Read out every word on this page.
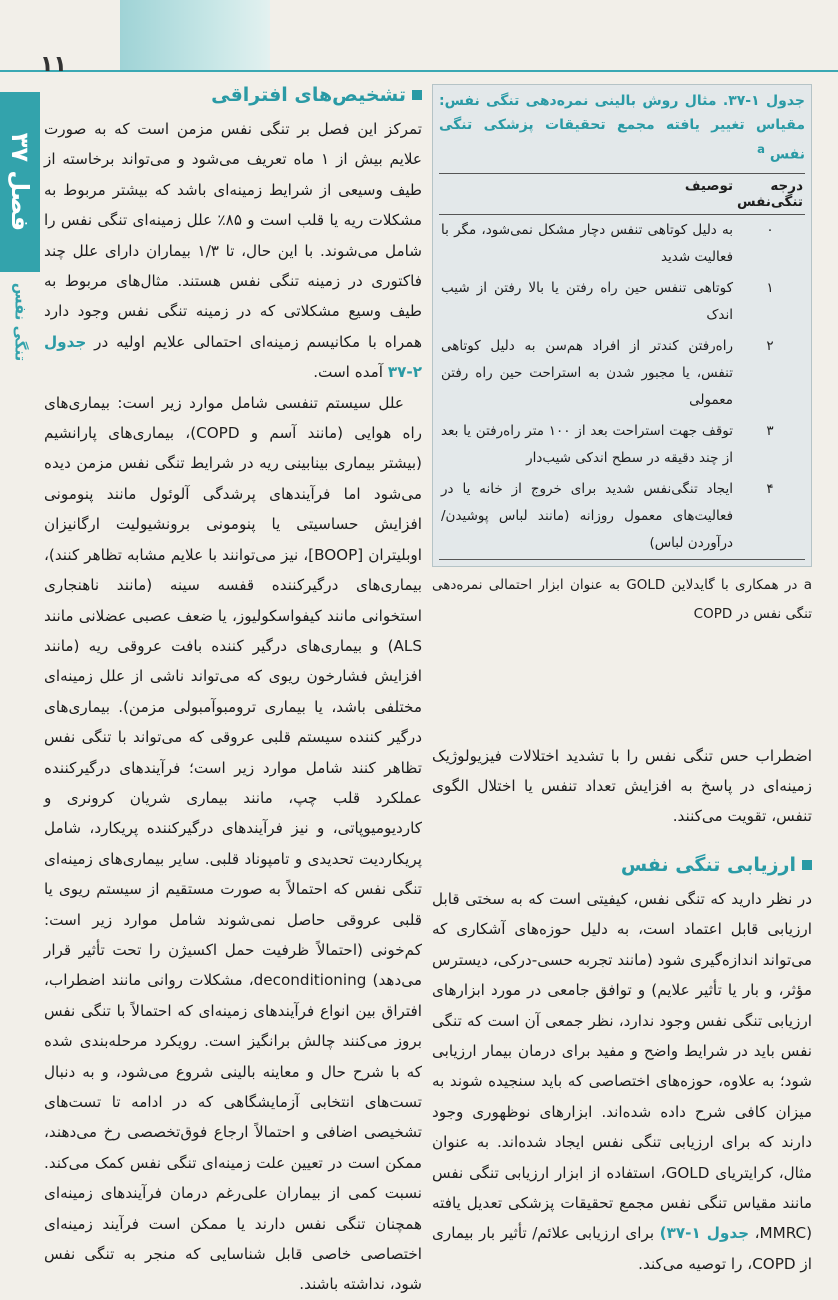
۱۱
فصل ۳۷
تنگی نفس
تشخیص‌های افتراقی

تمرکز این فصل بر تنگی نفس مزمن است که به صورت علایم بیش از ۱ ماه تعریف می‌شود و می‌تواند برخاسته از طیف وسیعی از شرایط زمینه‌ای باشد که بیشتر مربوط به مشکلات ریه یا قلب است و ۸۵٪ علل زمینه‌ای تنگی نفس را شامل می‌شوند. با این حال، تا ۱/۳ بیماران دارای علل چند فاکتوری در زمینه تنگی نفس هستند. مثال‌های مربوط به طیف وسیع مشکلاتی که در زمینه تنگی نفس وجود دارد همراه با مکانیسم زمینه‌ای احتمالی علایم اولیه در جدول ۲-۳۷ آمده است.

علل سیستم تنفسی شامل موارد زیر است: بیماری‌های راه هوایی (مانند آسم و COPD)، بیماری‌های پارانشیم (بیشتر بیماری بینابینی ریه در شرایط تنگی نفس مزمن دیده می‌شود اما فرآیندهای پرشدگی آلوئول مانند پنومونی افزایش حساسیتی یا پنومونی برونشیولیت ارگانیزان اوبلیتران [BOOP]، نیز می‌توانند با علایم مشابه تظاهر کنند)، بیماری‌های درگیرکننده قفسه سینه (مانند ناهنجاری استخوانی مانند کیفواسکولیوز، یا ضعف عصبی عضلانی مانند ALS) و بیماری‌های درگیر کننده بافت عروقی ریه (مانند افزایش فشارخون ریوی که می‌تواند ناشی از علل زمینه‌ای مختلفی باشد، یا بیماری ترومبوآمبولی مزمن). بیماری‌های درگیر کننده سیستم قلبی عروقی که می‌تواند با تنگی نفس تظاهر کنند شامل موارد زیر است؛ فرآیندهای درگیرکننده عملکرد قلب چپ، مانند بیماری شریان کرونری و کاردیومیوپاتی، و نیز فرآیندهای درگیرکننده پریکارد، شامل پریکاردیت تحدیدی و تامپوناد قلبی. سایر بیماری‌های زمینه‌ای تنگی نفس که احتمالاً به صورت مستقیم از سیستم ریوی یا قلبی عروقی حاصل نمی‌شوند شامل موارد زیر است: کم‌خونی (احتمالاً ظرفیت حمل اکسیژن را تحت تأثیر قرار می‌دهد) deconditioning، مشکلات روانی مانند اضطراب، افتراق بین انواع فرآیندهای زمینه‌ای که احتمالاً با تنگی نفس بروز می‌کنند چالش برانگیز است. رویکرد مرحله‌بندی شده که با شرح حال و معاینه بالینی شروع می‌شود، و به دنبال تست‌های انتخابی آزمایشگاهی که در ادامه تا تست‌های تشخیصی اضافی و احتمالاً ارجاع فوق‌تخصصی رخ می‌دهند، ممکن است در تعیین علت زمینه‌ای تنگی نفس کمک می‌کند. نسبت کمی از بیماران علی‌رغم درمان فرآیندهای زمینه‌ای همچنان تنگی نفس دارند یا ممکن است فرآیند زمینه‌ای اختصاصی خاصی قابل شناسایی که منجر به تنگی نفس شود، نداشته باشند.

جدول ۱-۳۷. مثال روش بالینی نمره‌دهی تنگی نفس: مقیاس تغییر یافته مجمع تحقیقات پزشکی تنگی نفس $^a$
درجه تنگی‌نفس	توصیف
۰	به دلیل کوتاهی تنفس دچار مشکل نمی‌شود، مگر با فعالیت شدید
۱	کوتاهی تنفس حین راه رفتن یا بالا رفتن از شیب اندک
۲	راه‌رفتن کندتر از افراد هم‌سن به دلیل کوتاهی تنفس، یا مجبور شدن به استراحت حین راه رفتن معمولی
۳	توقف جهت استراحت بعد از ۱۰۰ متر راه‌رفتن یا بعد از چند دقیقه در سطح اندکی شیب‌دار
۴	ایجاد تنگی‌نفس شدید برای خروج از خانه یا در فعالیت‌های معمول روزانه (مانند لباس پوشیدن/ درآوردن لباس)

a در همکاری با گایدلاین GOLD به عنوان ابزار احتمالی نمره‌دهی تنگی نفس در COPD

اضطراب حس تنگی نفس را با تشدید اختلالات فیزیولوژیک زمینه‌ای در پاسخ به افزایش تعداد تنفس یا اختلال الگوی تنفس، تقویت می‌کنند.

ارزیابی تنگی نفس

در نظر دارید که تنگی نفس، کیفیتی است که به سختی قابل ارزیابی قابل اعتماد است، به دلیل حوزه‌های آشکاری که می‌تواند اندازه‌گیری شود (مانند تجربه حسی-درکی، دیسترس مؤثر، و بار یا تأثیر علایم) و توافق جامعی در مورد ابزارهای ارزیابی تنگی نفس وجود ندارد، نظر جمعی آن است که تنگی نفس باید در شرایط واضح و مفید برای درمان بیمار ارزیابی شود؛ به علاوه، حوزه‌های اختصاصی که باید سنجیده شوند به میزان کافی شرح داده شده‌اند. ابزارهای نوظهوری وجود دارند که برای ارزیابی تنگی نفس ایجاد شده‌اند. به عنوان مثال، کرایتریای GOLD، استفاده از ابزار ارزیابی تنگی نفس مانند مقیاس تنگی نفس مجمع تحقیقات پزشکی تعدیل یافته (MMRC، جدول ۱-۳۷) برای ارزیابی علائم/ تأثیر بار بیماری از COPD، را توصیه می‌کند.
